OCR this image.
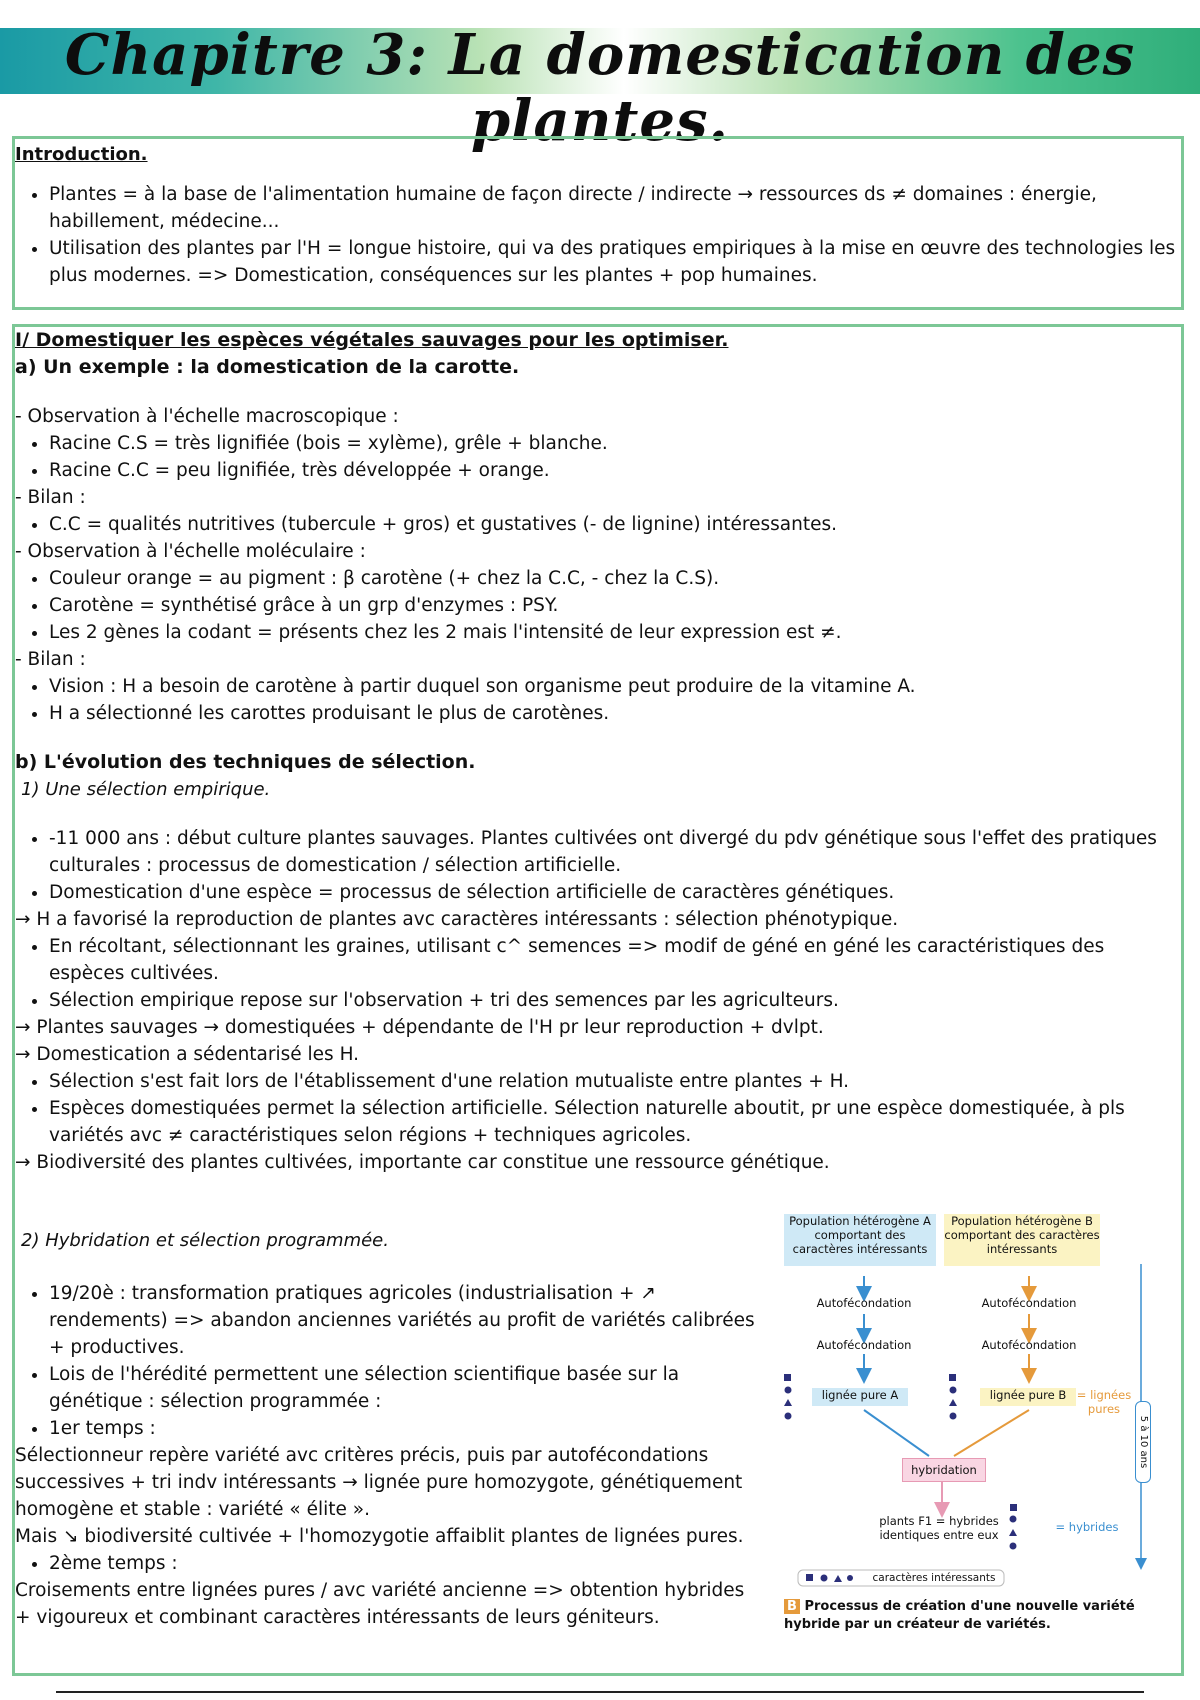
Chapitre 3: La domestication des plantes.

Introduction.

• Plantes = à la base de l'alimentation humaine de façon directe / indirecte → ressources ds ≠ domaines : énergie, habillement, médecine...
• Utilisation des plantes par l'H = longue histoire, qui va des pratiques empiriques à la mise en œuvre des technologies les plus modernes. => Domestication, conséquences sur les plantes + pop humaines.

I/ Domestiquer les espèces végétales sauvages pour les optimiser.

a) Un exemple : la domestication de la carotte.

- Observation à l'échelle macroscopique :

• Racine C.S = très lignifiée (bois = xylème), grêle + blanche.
• Racine C.C = peu lignifiée, très développée + orange.

- Bilan :

• C.C = qualités nutritives (tubercule + gros) et gustatives (- de lignine) intéressantes.

- Observation à l'échelle moléculaire :

• Couleur orange = au pigment : β carotène (+ chez la C.C, - chez la C.S).
• Carotène = synthétisé grâce à un grp d'enzymes : PSY.
• Les 2 gènes la codant = présents chez les 2 mais l'intensité de leur expression est ≠.

- Bilan :

• Vision : H a besoin de carotène à partir duquel son organisme peut produire de la vitamine A.
• H a sélectionné les carottes produisant le plus de carotènes.

b) L'évolution des techniques de sélection.

1) Une sélection empirique.

• -11 000 ans : début culture plantes sauvages. Plantes cultivées ont divergé du pdv génétique sous l'effet des pratiques culturales : processus de domestication / sélection artificielle.
• Domestication d'une espèce = processus de sélection artificielle de caractères génétiques.

→ H a favorisé la reproduction de plantes avc caractères intéressants : sélection phénotypique.

• En récoltant, sélectionnant les graines, utilisant c^ semences => modif de géné en géné les caractéristiques des espèces cultivées.
• Sélection empirique repose sur l'observation + tri des semences par les agriculteurs.

→ Plantes sauvages → domestiquées + dépendante de l'H pr leur reproduction + dvlpt.

→ Domestication a sédentarisé les H.

• Sélection s'est fait lors de l'établissement d'une relation mutualiste entre plantes + H.
• Espèces domestiquées permet la sélection artificielle. Sélection naturelle aboutit, pr une espèce domestiquée, à pls variétés avc ≠ caractéristiques selon régions + techniques agricoles.

→ Biodiversité des plantes cultivées, importante car constitue une ressource génétique.

2) Hybridation et sélection programmée.

• 19/20è : transformation pratiques agricoles (industrialisation + ↗ rendements) => abandon anciennes variétés au profit de variétés calibrées + productives.
• Lois de l'hérédité permettent une sélection scientifique basée sur la génétique : sélection programmée :
• 1er temps :

Sélectionneur repère variété avc critères précis, puis par autofécondations successives + tri indv intéressants → lignée pure homozygote, génétiquement homogène et stable : variété « élite ».

Mais ↘ biodiversité cultivée + l'homozygotie affaiblit plantes de lignées pures.

• 2ème temps :

Croisements entre lignées pures / avc variété ancienne => obtention hybrides + vigoureux et combinant caractères intéressants de leurs géniteurs.

Population hétérogène A comportant des caractères intéressants
Population hétérogène B comportant des caractères intéressants
Autofécondation
Autofécondation
Autofécondation
Autofécondation
lignée pure A	lignée pure B = lignées pures
5 à 10 ans
hybridation
plants F1 = hybrides identiques entre eux
= hybrides
caractères intéressants
B Processus de création d'une nouvelle variété hybride par un créateur de variétés.
